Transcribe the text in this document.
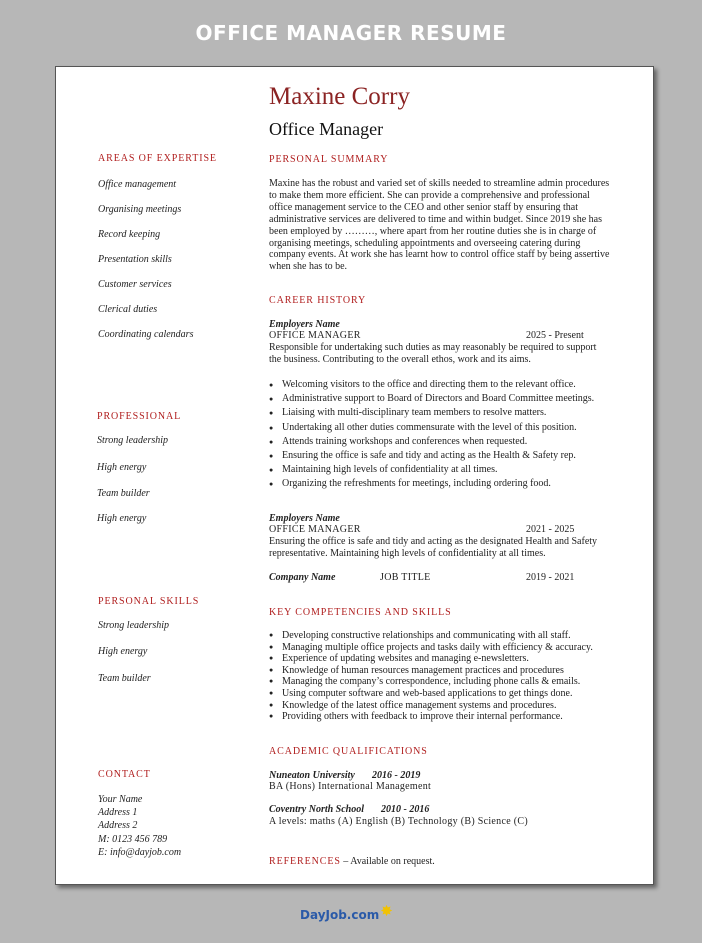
OFFICE MANAGER RESUME
Maxine Corry
Office Manager
AREAS OF EXPERTISE
Office management
Organising meetings
Record keeping
Presentation skills
Customer services
Clerical duties
Coordinating calendars
PROFESSIONAL
Strong leadership
High energy
Team builder
High energy
PERSONAL SKILLS
Strong leadership
High energy
Team builder
CONTACT
Your Name
Address 1
Address 2
M: 0123 456 789
E: info@dayjob.com
PERSONAL SUMMARY
Maxine has the robust and varied set of skills needed to streamline admin procedures to make them more efficient. She can provide a comprehensive and professional office management service to the CEO and other senior staff by ensuring that administrative services are delivered to time and within budget. Since 2019 she has been employed by ………, where apart from her routine duties she is in charge of organising meetings, scheduling appointments and overseeing catering during company events. At work she has learnt how to control office staff by being assertive when she has to be.
CAREER HISTORY
Employers Name
OFFICE MANAGER	2025 - Present
Responsible for undertaking such duties as may reasonably be required to support the business. Contributing to the overall ethos, work and its aims.
● Welcoming visitors to the office and directing them to the relevant office.
● Administrative support to Board of Directors and Board Committee meetings.
● Liaising with multi-disciplinary team members to resolve matters.
● Undertaking all other duties commensurate with the level of this position.
● Attends training workshops and conferences when requested.
● Ensuring the office is safe and tidy and acting as the Health & Safety rep.
● Maintaining high levels of confidentiality at all times.
● Organizing the refreshments for meetings, including ordering food.
Employers Name
OFFICE MANAGER	2021 - 2025
Ensuring the office is safe and tidy and acting as the designated Health and Safety representative. Maintaining high levels of confidentiality at all times.
Company Name	JOB TITLE	2019 - 2021
KEY COMPETENCIES AND SKILLS
● Developing constructive relationships and communicating with all staff.
● Managing multiple office projects and tasks daily with efficiency & accuracy.
● Experience of updating websites and managing e-newsletters.
● Knowledge of human resources management practices and procedures
● Managing the company’s correspondence, including phone calls & emails.
● Using computer software and web-based applications to get things done.
● Knowledge of the latest office management systems and procedures.
● Providing others with feedback to improve their internal performance.
ACADEMIC QUALIFICATIONS
Nuneaton University 2016 - 2019
BA (Hons) International Management
Coventry North School 2010 - 2016
A levels: maths (A) English (B) Technology (B) Science (C)
REFERENCES – Available on request.
DayJob.com ✸
